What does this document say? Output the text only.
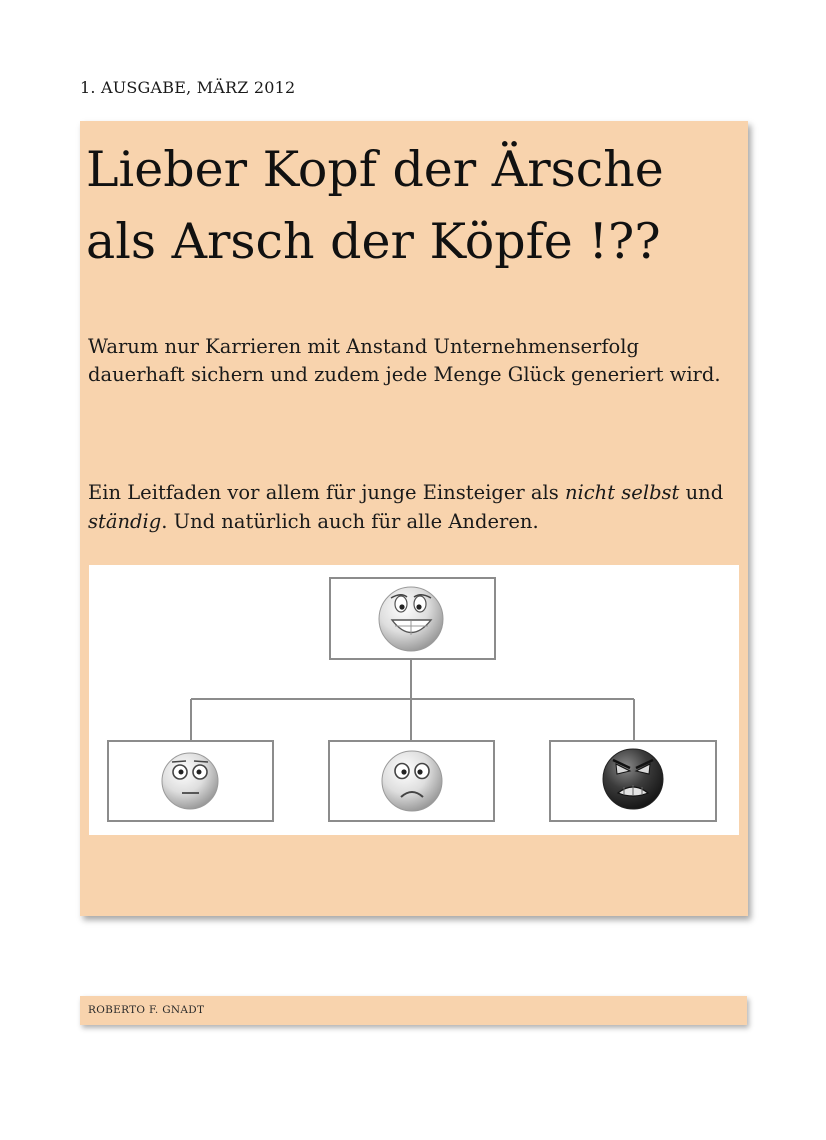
1. AUSGABE, MÄRZ 2012
Lieber Kopf der Ärsche
als Arsch der Köpfe !??
Warum nur Karrieren mit Anstand Unternehmenserfolg dauerhaft sichern und zudem jede Menge Glück generiert wird.
Ein Leitfaden vor allem für junge Einsteiger als nicht selbst und ständig. Und natürlich auch für alle Anderen.
ROBERTO F. GNADT
